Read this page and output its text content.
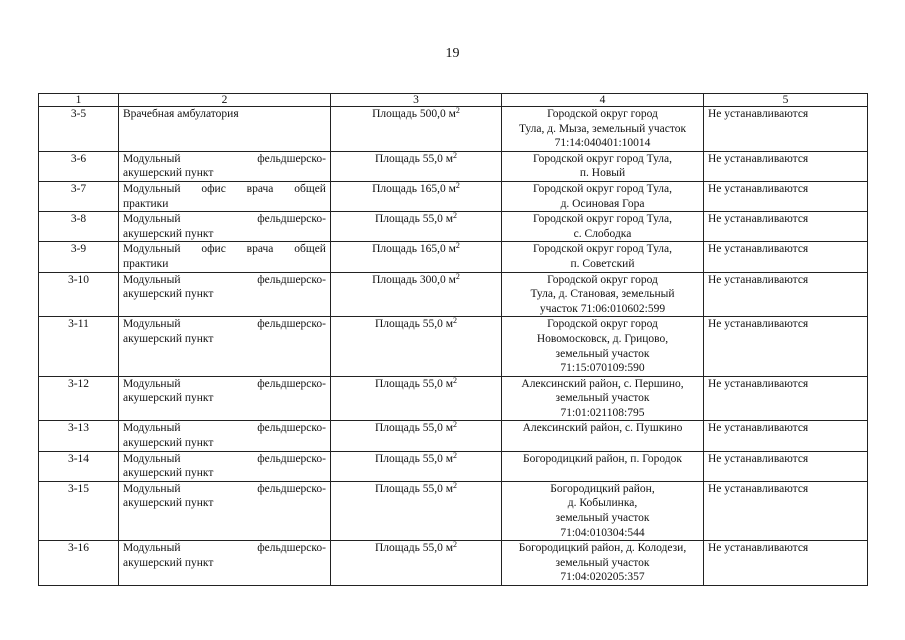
19
1	2	3	4	5
3-5	Врачебная амбулатория	Площадь 500,0 $м^2$	Городской округ город
Тула, д. Мыза, земельный участок
71:14:040401:10014	Не устанавливаются
3-6	Модульный фельдшерско-
акушерский пункт	Площадь 55,0 $м^2$	Городской округ город Тула,
п. Новый	Не устанавливаются
3-7	Модульный офис врача общей
практики	Площадь 165,0 $м^2$	Городской округ город Тула,
д. Осиновая Гора	Не устанавливаются
3-8	Модульный фельдшерско-
акушерский пункт	Площадь 55,0 $м^2$	Городской округ город Тула,
с. Слободка	Не устанавливаются
3-9	Модульный офис врача общей
практики	Площадь 165,0 $м^2$	Городской округ город Тула,
п. Советский	Не устанавливаются
3-10	Модульный фельдшерско-
акушерский пункт	Площадь 300,0 $м^2$	Городской округ город
Тула, д. Становая, земельный
участок 71:06:010602:599	Не устанавливаются
3-11	Модульный фельдшерско-
акушерский пункт	Площадь 55,0 $м^2$	Городской округ город
Новомосковск, д. Грицово,
земельный участок
71:15:070109:590	Не устанавливаются
3-12	Модульный фельдшерско-
акушерский пункт	Площадь 55,0 $м^2$	Алексинский район, с. Першино,
земельный участок
71:01:021108:795	Не устанавливаются
3-13	Модульный фельдшерско-
акушерский пункт	Площадь 55,0 $м^2$	Алексинский район, с. Пушкино	Не устанавливаются
3-14	Модульный фельдшерско-
акушерский пункт	Площадь 55,0 $м^2$	Богородицкий район, п. Городок	Не устанавливаются
3-15	Модульный фельдшерско-
акушерский пункт	Площадь 55,0 $м^2$	Богородицкий район,
д. Кобылинка,
земельный участок
71:04:010304:544	Не устанавливаются
3-16	Модульный фельдшерско-
акушерский пункт	Площадь 55,0 $м^2$	Богородицкий район, д. Колодези,
земельный участок
71:04:020205:357	Не устанавливаются
